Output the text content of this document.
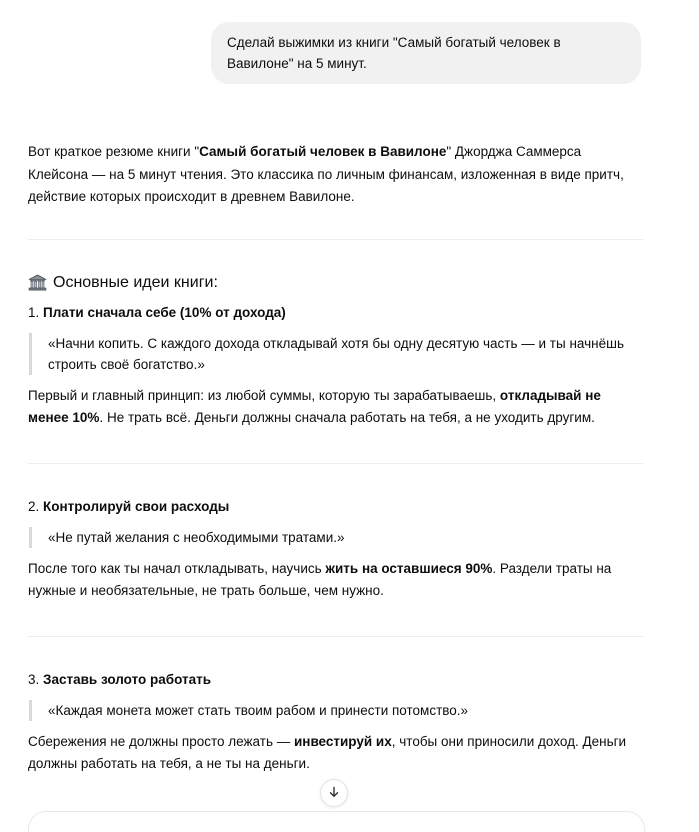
Сделай выжимки из книги "Самый богатый человек в Вавилоне" на 5 минут.

Вот краткое резюме книги "Самый богатый человек в Вавилоне" Джорджа Саммерса Клейсона — на 5 минут чтения. Это классика по личным финансам, изложенная в виде притч, действие которых происходит в древнем Вавилоне.

Основные идеи книги:

1. Плати сначала себе (10% от дохода)

«Начни копить. С каждого дохода откладывай хотя бы одну десятую часть — и ты начнёшь строить своё богатство.»

Первый и главный принцип: из любой суммы, которую ты зарабатываешь, откладывай не менее 10%. Не трать всё. Деньги должны сначала работать на тебя, а не уходить другим.

2. Контролируй свои расходы

«Не путай желания с необходимыми тратами.»

После того как ты начал откладывать, научись жить на оставшиеся 90%. Раздели траты на нужные и необязательные, не трать больше, чем нужно.

3. Заставь золото работать

«Каждая монета может стать твоим рабом и принести потомство.»

Сбережения не должны просто лежать — инвестируй их, чтобы они приносили доход. Деньги должны работать на тебя, а не ты на деньги.
